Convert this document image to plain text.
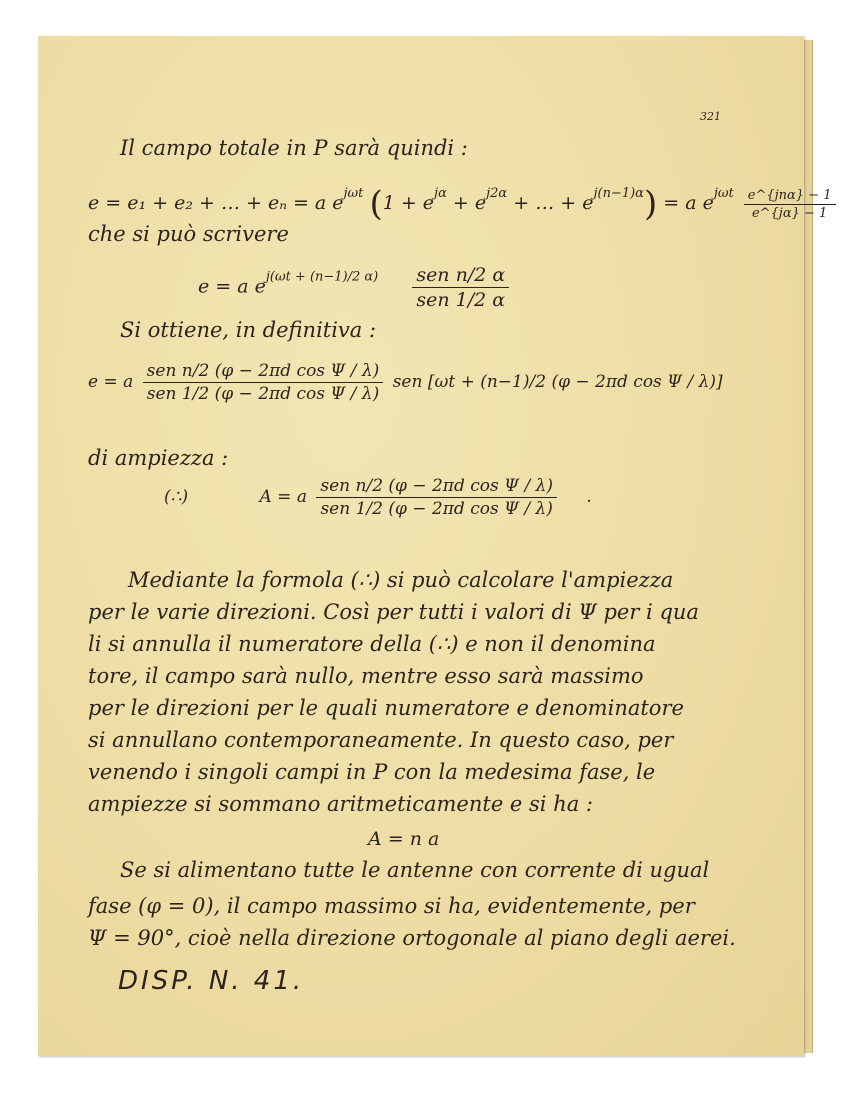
321
Il campo totale in P sarà quindi :
e = e₁ + e₂ + … + eₙ = a $e^{j\omega t}$ ($1 + e^{j\alpha} + e^{j2\alpha}$ + … + $e^{j(n-1)\alpha}) = a$ $e^{j\omega t} \frac{\text{e\textasciicircum{}\{jnα\} − 1}}{e\^{}\{j\alpha\} - 1}$
che si può scrivere
e = a $e^{j(\omega t + (n-1)/2 \alpha)} \frac{\text{sen n/2 α}}{\text{sen 1/2 α}}$
Si ottiene, in definitiva :
e = a $\frac{\text{sen n/2 (φ − 2πd cos Ψ / λ)}}{\text{sen 1/2 (φ − 2πd cos Ψ / λ)}}$ sen [ωt + (n−1)/2 (φ − 2πd cos Ψ / λ)]
di ampiezza :
(∴)	A = a $\frac{\text{sen n/2 (φ − 2πd cos Ψ / λ)}}{\text{sen 1/2 (φ − 2πd cos Ψ / λ)}}$ .
Mediante la formola (∴) si può calcolare l'ampiezza
per le varie direzioni. Così per tutti i valori di Ψ per i qua
li si annulla il numeratore della (∴) e non il denomina
tore, il campo sarà nullo, mentre esso sarà massimo
per le direzioni per le quali numeratore e denominatore
si annullano contemporaneamente. In questo caso, per
venendo i singoli campi in P con la medesima fase, le
ampiezze si sommano aritmeticamente e si ha :
A = n a
Se si alimentano tutte le antenne con corrente di ugual
fase (φ = 0), il campo massimo si ha, evidentemente, per
Ψ = 90°, cioè nella direzione ortogonale al piano degli aerei.
DISP. N. 41.
